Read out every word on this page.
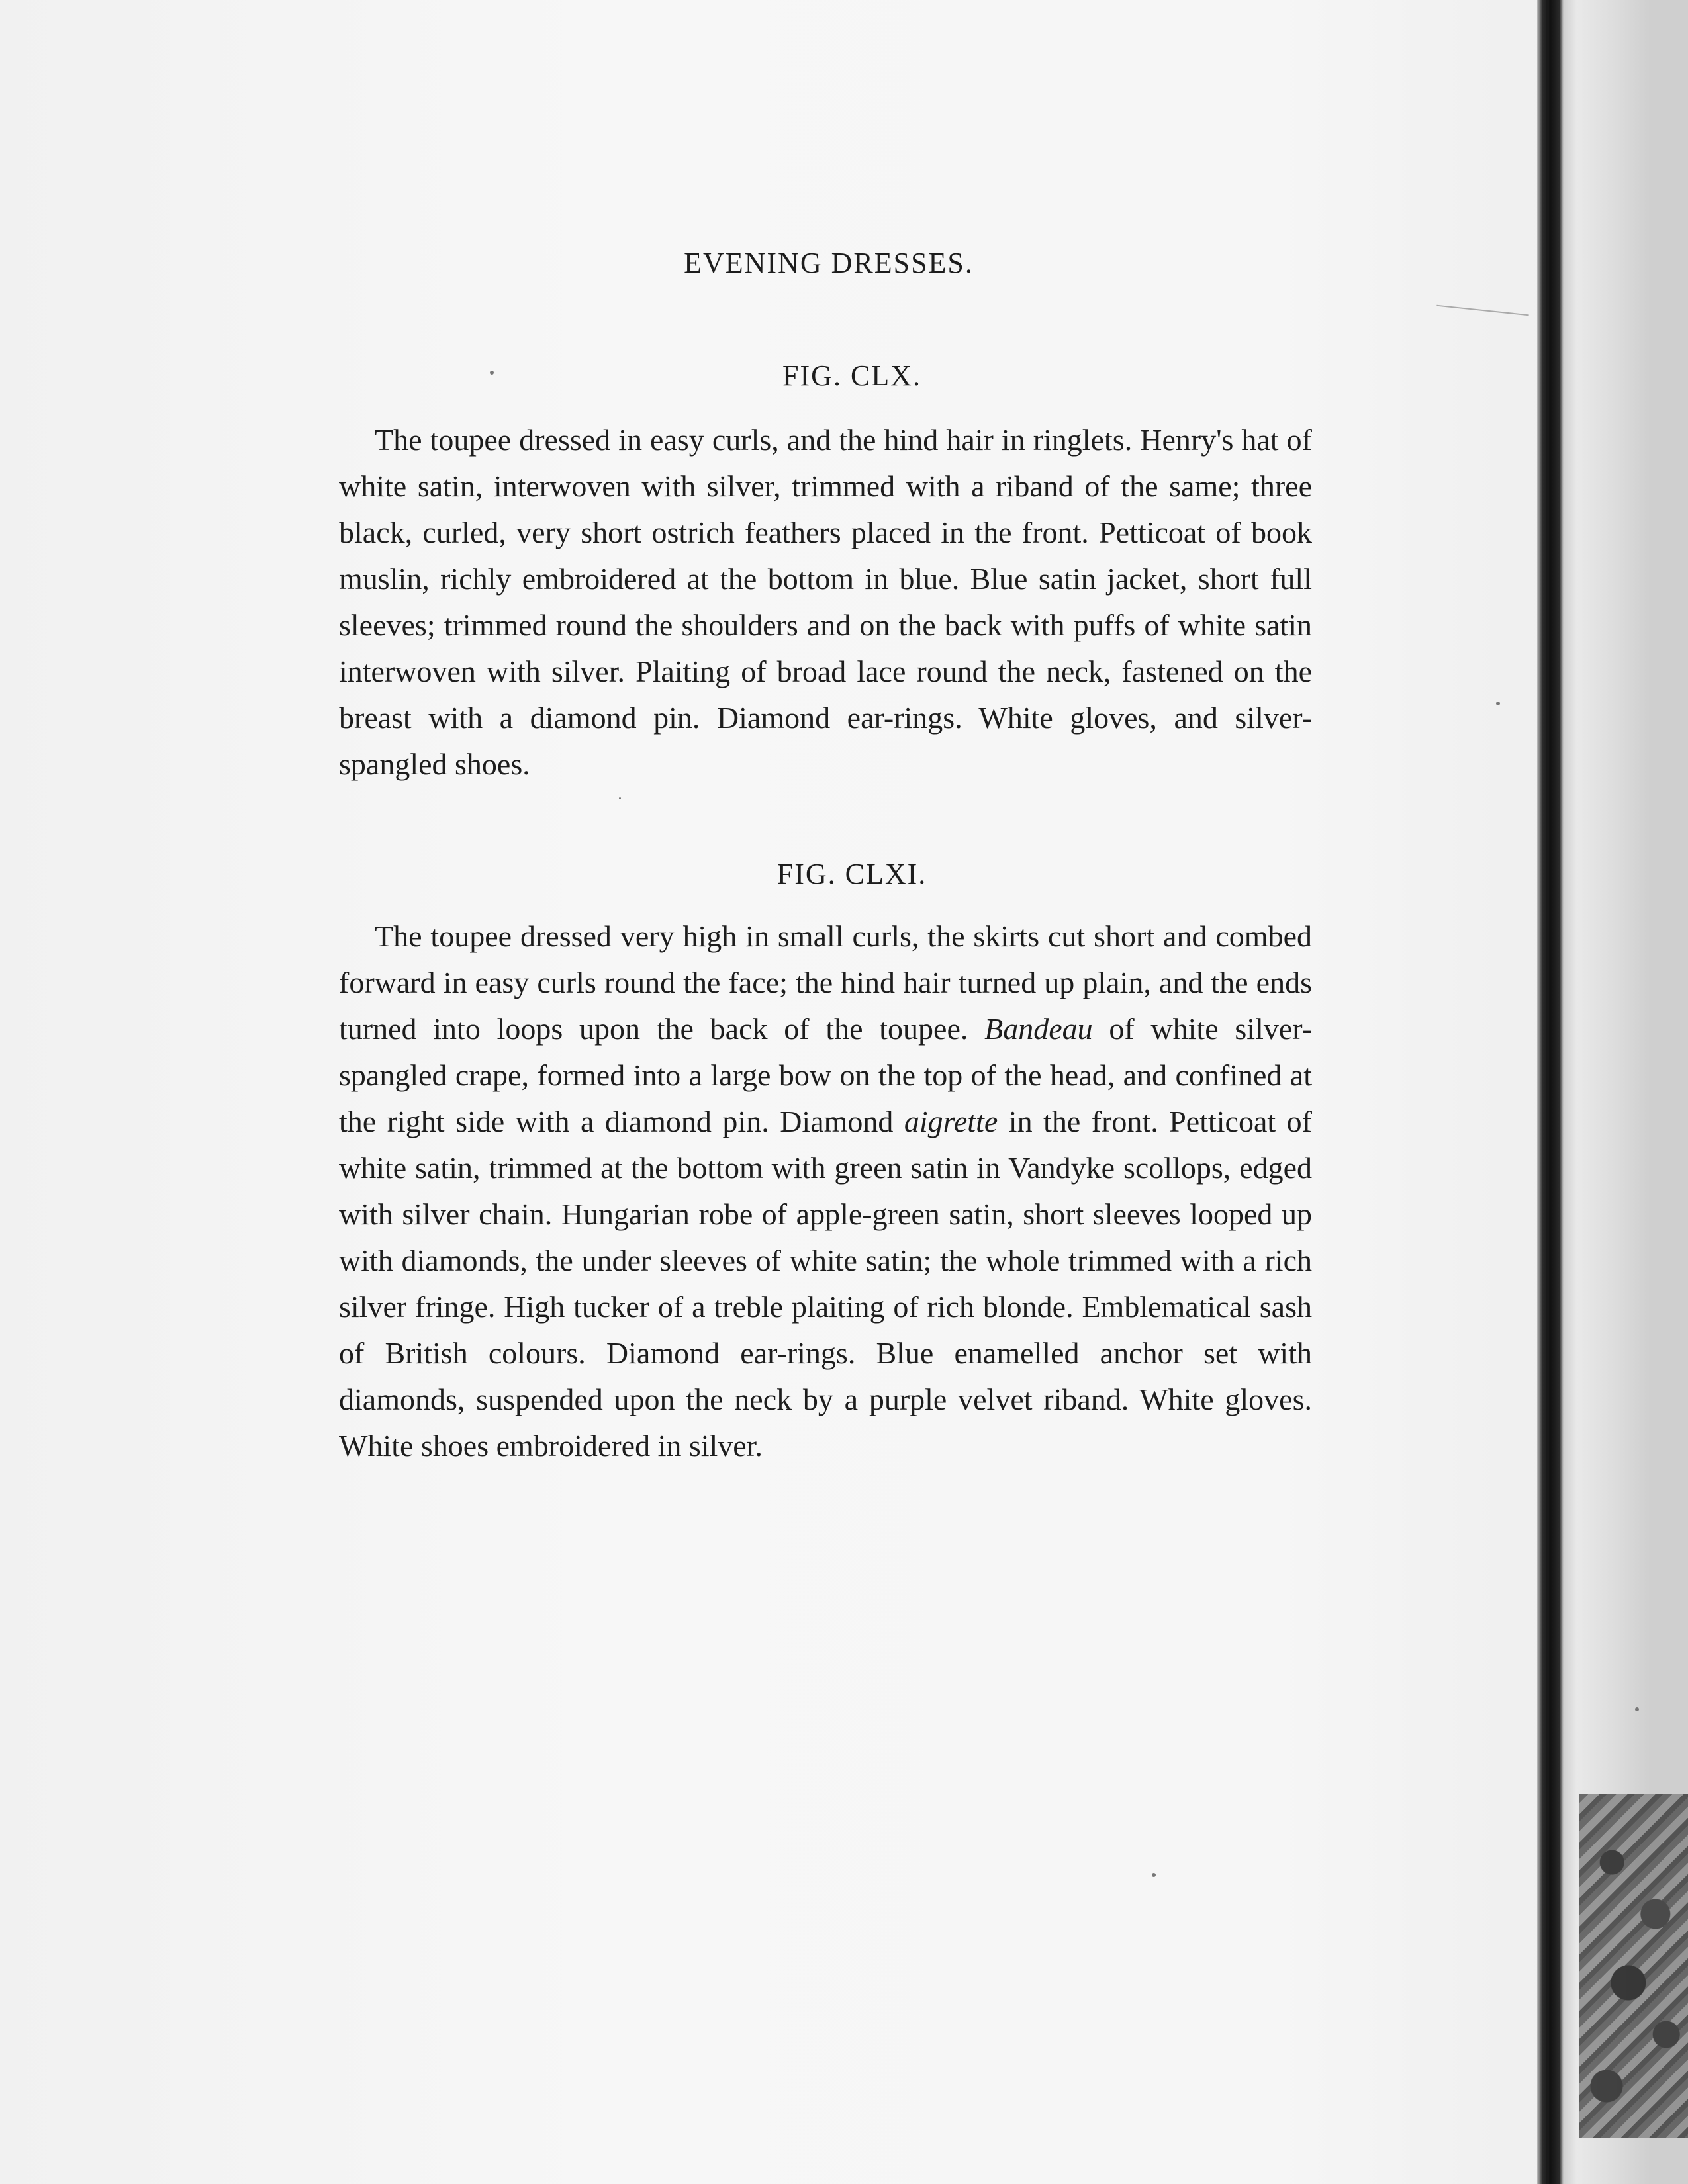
EVENING DRESSES.
FIG. CLX.

The toupee dressed in easy curls, and the hind hair in ringlets. Henry's hat of white satin, interwoven with silver, trimmed with a riband of the same; three black, curled, very short ostrich feathers placed in the front. Petticoat of book muslin, richly embroidered at the bottom in blue. Blue satin jacket, short full sleeves; trimmed round the shoulders and on the back with puffs of white satin interwoven with silver. Plaiting of broad lace round the neck, fastened on the breast with a diamond pin. Diamond ear-rings. White gloves, and silver-spangled shoes.

FIG. CLXI.

The toupee dressed very high in small curls, the skirts cut short and combed forward in easy curls round the face; the hind hair turned up plain, and the ends turned into loops upon the back of the toupee. Bandeau of white silver-spangled crape, formed into a large bow on the top of the head, and confined at the right side with a diamond pin. Diamond aigrette in the front. Petticoat of white satin, trimmed at the bottom with green satin in Vandyke scollops, edged with silver chain. Hungarian robe of apple-green satin, short sleeves looped up with diamonds, the under sleeves of white satin; the whole trimmed with a rich silver fringe. High tucker of a treble plaiting of rich blonde. Emblematical sash of British colours. Diamond ear-rings. Blue enamelled anchor set with diamonds, suspended upon the neck by a purple velvet riband. White gloves. White shoes embroidered in silver.
